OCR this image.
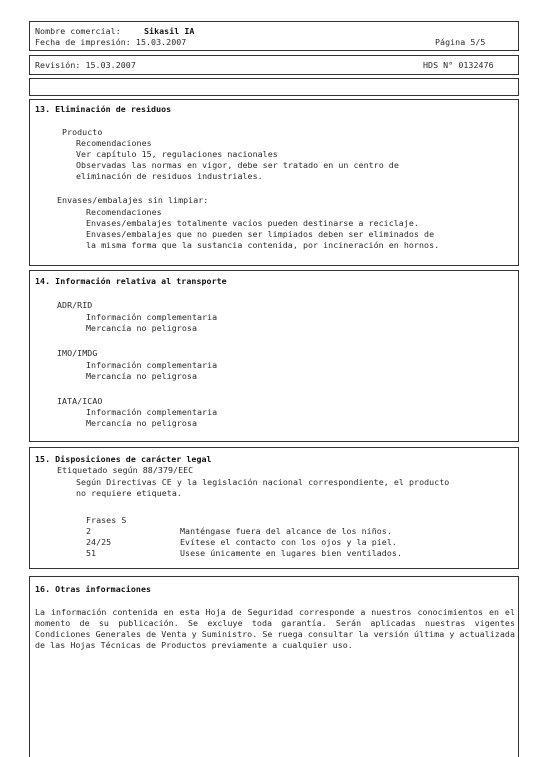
Nombre comercial:	Sikasil IA
Fecha de impresión: 15.03.2007	Página 5/5
Revisión: 15.03.2007	HDS N° 0132476
13. Eliminación de residuos
Producto
Recomendaciones
Ver capítulo 15, regulaciones nacionales
Observadas las normas en vigor, debe ser tratado en un centro de
eliminación de residuos industriales.
Envases/embalajes sin limpiar:
Recomendaciones
Envases/embalajes totalmente vacíos pueden destinarse a reciclaje.
Envases/embalajes que no pueden ser limpiados deben ser eliminados de
la misma forma que la sustancia contenida, por incineración en hornos.
14. Información relativa al transporte
ADR/RID
Información complementaria
Mercancía no peligrosa
IMO/IMDG
Información complementaria
Mercancía no peligrosa
IATA/ICAO
Información complementaria
Mercancía no peligrosa
15. Disposiciones de carácter legal
Etiquetado según 88/379/EEC
Según Directivas CE y la legislación nacional correspondiente, el producto
no requiere etiqueta.
Frases S
2	Manténgase fuera del alcance de los niños.
24/25	Evítese el contacto con los ojos y la piel.
51	Usese únicamente en lugares bien ventilados.
16. Otras informaciones
La información contenida en esta Hoja de Seguridad corresponde a nuestros conocimientos en el momento de su publicación. Se excluye toda garantía. Serán aplicadas nuestras vigentes Condiciones Generales de Venta y Suministro. Se ruega consultar la versión última y actualizada de las Hojas Técnicas de Productos previamente a cualquier uso.
